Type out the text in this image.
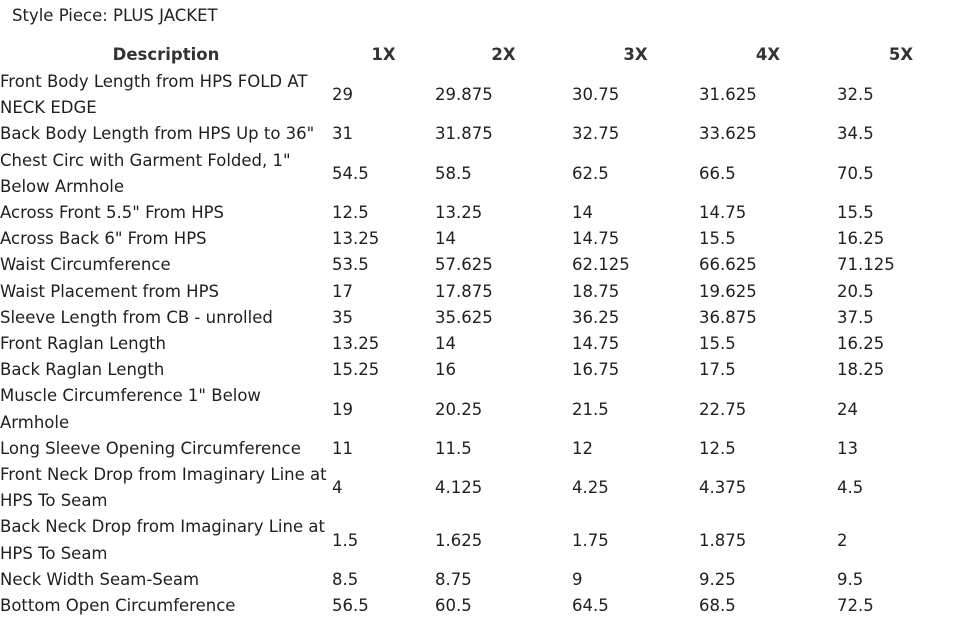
Style Piece: PLUS JACKET
Description	1X	2X	3X	4X	5X
Front Body Length from HPS FOLD AT NECK EDGE	29	29.875	30.75	31.625	32.5
Back Body Length from HPS Up to 36"	31	31.875	32.75	33.625	34.5
Chest Circ with Garment Folded, 1" Below Armhole	54.5	58.5	62.5	66.5	70.5
Across Front 5.5" From HPS	12.5	13.25	14	14.75	15.5
Across Back 6" From HPS	13.25	14	14.75	15.5	16.25
Waist Circumference	53.5	57.625	62.125	66.625	71.125
Waist Placement from HPS	17	17.875	18.75	19.625	20.5
Sleeve Length from CB - unrolled	35	35.625	36.25	36.875	37.5
Front Raglan Length	13.25	14	14.75	15.5	16.25
Back Raglan Length	15.25	16	16.75	17.5	18.25
Muscle Circumference 1" Below Armhole	19	20.25	21.5	22.75	24
Long Sleeve Opening Circumference	11	11.5	12	12.5	13
Front Neck Drop from Imaginary Line at HPS To Seam	4	4.125	4.25	4.375	4.5
Back Neck Drop from Imaginary Line at HPS To Seam	1.5	1.625	1.75	1.875	2
Neck Width Seam-Seam	8.5	8.75	9	9.25	9.5
Bottom Open Circumference	56.5	60.5	64.5	68.5	72.5
